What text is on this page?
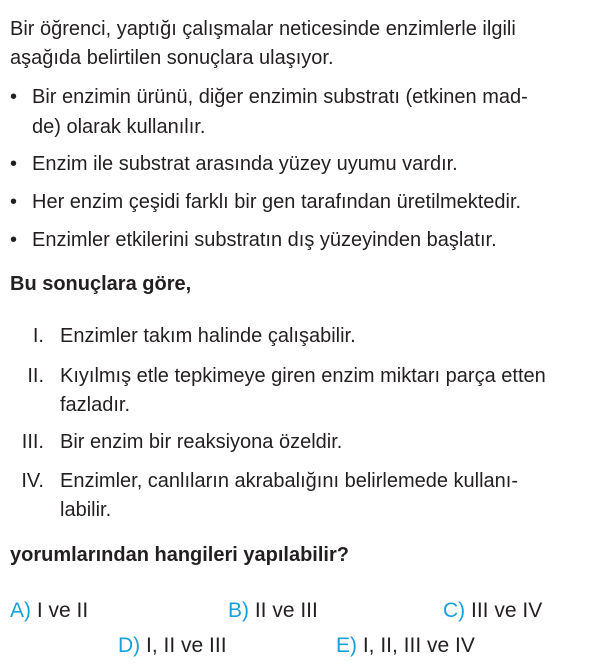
Bir öğrenci, yaptığı çalışmalar neticesinde enzimlerle ilgili
aşağıda belirtilen sonuçlara ulaşıyor.
• Bir enzimin ürünü, diğer enzimin substratı (etkinen mad-
de) olarak kullanılır.
• Enzim ile substrat arasında yüzey uyumu vardır.
• Her enzim çeşidi farklı bir gen tarafından üretilmektedir.
• Enzimler etkilerini substratın dış yüzeyinden başlatır.
Bu sonuçlara göre,
I. Enzimler takım halinde çalışabilir.
II. Kıyılmış etle tepkimeye giren enzim miktarı parça etten
fazladır.
III. Bir enzim bir reaksiyona özeldir.
IV. Enzimler, canlıların akrabalığını belirlemede kullanı-
labilir.
yorumlarından hangileri yapılabilir?
A) I ve II	B) II ve III	C) III ve IV
D) I, II ve III	E) I, II, III ve IV
